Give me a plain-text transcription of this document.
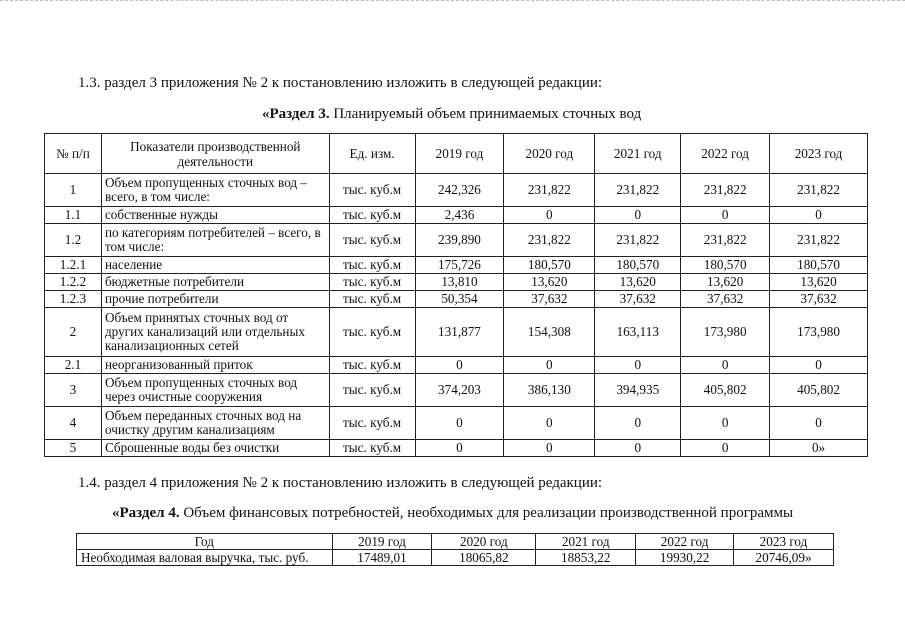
1.3. раздел 3 приложения № 2 к постановлению изложить в следующей редакции:
«Раздел 3. Планируемый объем принимаемых сточных вод
№ п/п	Показатели производственной деятельности	Ед. изм.	2019 год	2020 год	2021 год	2022 год	2023 год
1	Объем пропущенных сточных вод – всего, в том числе:	тыс. куб.м	242,326	231,822	231,822	231,822	231,822
1.1	собственные нужды	тыс. куб.м	2,436	0	0	0	0
1.2	по категориям потребителей – всего, в том числе:	тыс. куб.м	239,890	231,822	231,822	231,822	231,822
1.2.1	население	тыс. куб.м	175,726	180,570	180,570	180,570	180,570
1.2.2	бюджетные потребители	тыс. куб.м	13,810	13,620	13,620	13,620	13,620
1.2.3	прочие потребители	тыс. куб.м	50,354	37,632	37,632	37,632	37,632
2	Объем принятых сточных вод от других канализаций или отдельных канализационных сетей	тыс. куб.м	131,877	154,308	163,113	173,980	173,980
2.1	неорганизованный приток	тыс. куб.м	0	0	0	0	0
3	Объем пропущенных сточных вод через очистные сооружения	тыс. куб.м	374,203	386,130	394,935	405,802	405,802
4	Объем переданных сточных вод на очистку другим канализациям	тыс. куб.м	0	0	0	0	0
5	Сброшенные воды без очистки	тыс. куб.м	0	0	0	0	0»
1.4. раздел 4 приложения № 2 к постановлению изложить в следующей редакции:
«Раздел 4. Объем финансовых потребностей, необходимых для реализации производственной программы
Год	2019 год	2020 год	2021 год	2022 год	2023 год
Необходимая валовая выручка, тыс. руб.	17489,01	18065,82	18853,22	19930,22	20746,09»
